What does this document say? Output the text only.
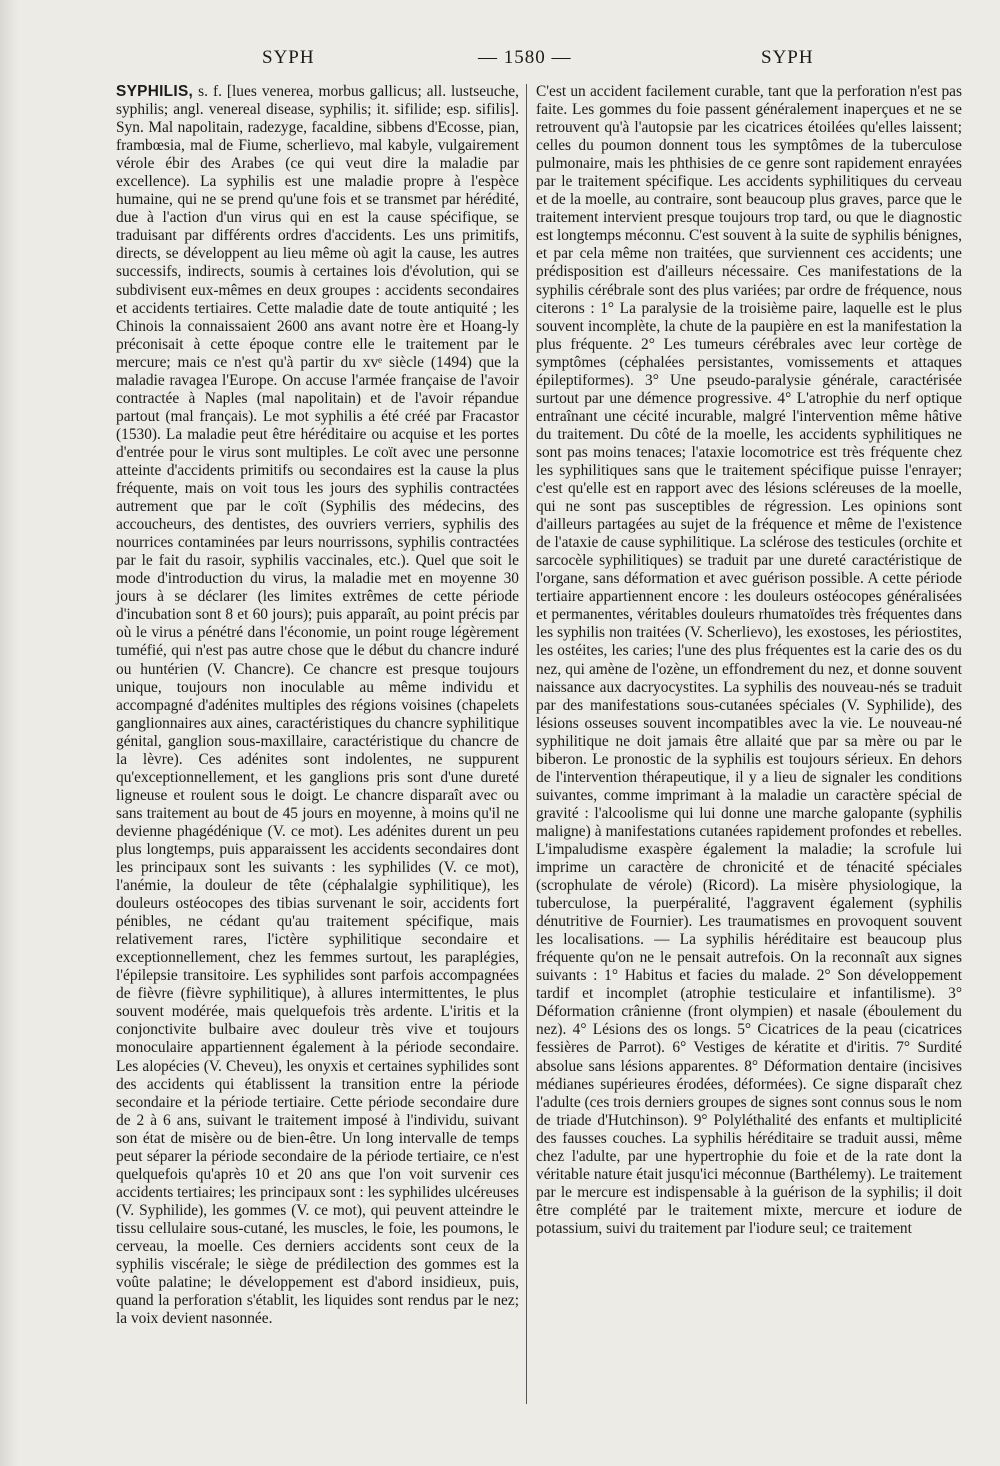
SYPH	— 1580 —	SYPH
SYPHILIS, s. f. [lues venerea, morbus gallicus; all. lustseuche, syphilis; angl. venereal disease, syphilis; it. sifilide; esp. sifilis]. Syn. Mal napolitain, radezyge, facaldine, sibbens d'Ecosse, pian, frambœsia, mal de Fiume, scherlievo, mal kabyle, vulgairement vérole ébir des Arabes (ce qui veut dire la maladie par excellence). La syphilis est une maladie propre à l'espèce humaine, qui ne se prend qu'une fois et se transmet par hérédité, due à l'action d'un virus qui en est la cause spécifique, se traduisant par différents ordres d'accidents. Les uns primitifs, directs, se développent au lieu même où agit la cause, les autres successifs, indirects, soumis à certaines lois d'évolution, qui se subdivisent eux-mêmes en deux groupes : accidents secondaires et accidents tertiaires. Cette maladie date de toute antiquité ; les Chinois la connaissaient 2600 ans avant notre ère et Hoang-ly préconisait à cette époque contre elle le traitement par le mercure; mais ce n'est qu'à partir du xvᵉ siècle (1494) que la maladie ravagea l'Europe. On accuse l'armée française de l'avoir contractée à Naples (mal napolitain) et de l'avoir répandue partout (mal français). Le mot syphilis a été créé par Fracastor (1530). La maladie peut être héréditaire ou acquise et les portes d'entrée pour le virus sont multiples. Le coït avec une personne atteinte d'accidents primitifs ou secondaires est la cause la plus fréquente, mais on voit tous les jours des syphilis contractées autrement que par le coït (Syphilis des médecins, des accoucheurs, des dentistes, des ouvriers verriers, syphilis des nourrices contaminées par leurs nourrissons, syphilis contractées par le fait du rasoir, syphilis vaccinales, etc.). Quel que soit le mode d'introduction du virus, la maladie met en moyenne 30 jours à se déclarer (les limites extrêmes de cette période d'incubation sont 8 et 60 jours); puis apparaît, au point précis par où le virus a pénétré dans l'économie, un point rouge légèrement tuméfié, qui n'est pas autre chose que le début du chancre induré ou huntérien (V. Chancre). Ce chancre est presque toujours unique, toujours non inoculable au même individu et accompagné d'adénites multiples des régions voisines (chapelets ganglionnaires aux aines, caractéristiques du chancre syphilitique génital, ganglion sous-maxillaire, caractéristique du chancre de la lèvre). Ces adénites sont indolentes, ne suppurent qu'exceptionnellement, et les ganglions pris sont d'une dureté ligneuse et roulent sous le doigt. Le chancre disparaît avec ou sans traitement au bout de 45 jours en moyenne, à moins qu'il ne devienne phagédénique (V. ce mot). Les adénites durent un peu plus longtemps, puis apparaissent les accidents secondaires dont les principaux sont les suivants : les syphilides (V. ce mot), l'anémie, la douleur de tête (céphalalgie syphilitique), les douleurs ostéocopes des tibias survenant le soir, accidents fort pénibles, ne cédant qu'au traitement spécifique, mais relativement rares, l'ictère syphilitique secondaire et exceptionnellement, chez les femmes surtout, les paraplégies, l'épilepsie transitoire. Les syphilides sont parfois accompagnées de fièvre (fièvre syphilitique), à allures intermittentes, le plus souvent modérée, mais quelquefois très ardente. L'iritis et la conjonctivite bulbaire avec douleur très vive et toujours monoculaire appartiennent également à la période secondaire. Les alopécies (V. Cheveu), les onyxis et certaines syphilides sont des accidents qui établissent la transition entre la période secondaire et la période tertiaire. Cette période secondaire dure de 2 à 6 ans, suivant le traitement imposé à l'individu, suivant son état de misère ou de bien-être. Un long intervalle de temps peut séparer la période secondaire de la période tertiaire, ce n'est quelquefois qu'après 10 et 20 ans que l'on voit survenir ces accidents tertiaires; les principaux sont : les syphilides ulcéreuses (V. Syphilide), les gommes (V. ce mot), qui peuvent atteindre le tissu cellulaire sous-cutané, les muscles, le foie, les poumons, le cerveau, la moelle. Ces derniers accidents sont ceux de la syphilis viscérale; le siège de prédilection des gommes est la voûte palatine; le développement est d'abord insidieux, puis, quand la perforation s'établit, les liquides sont rendus par le nez; la voix devient nasonnée.
C'est un accident facilement curable, tant que la perforation n'est pas faite. Les gommes du foie passent généralement inaperçues et ne se retrouvent qu'à l'autopsie par les cicatrices étoilées qu'elles laissent; celles du poumon donnent tous les symptômes de la tuberculose pulmonaire, mais les phthisies de ce genre sont rapidement enrayées par le traitement spécifique. Les accidents syphilitiques du cerveau et de la moelle, au contraire, sont beaucoup plus graves, parce que le traitement intervient presque toujours trop tard, ou que le diagnostic est longtemps méconnu. C'est souvent à la suite de syphilis bénignes, et par cela même non traitées, que surviennent ces accidents; une prédisposition est d'ailleurs nécessaire. Ces manifestations de la syphilis cérébrale sont des plus variées; par ordre de fréquence, nous citerons : 1° La paralysie de la troisième paire, laquelle est le plus souvent incomplète, la chute de la paupière en est la manifestation la plus fréquente. 2° Les tumeurs cérébrales avec leur cortège de symptômes (céphalées persistantes, vomissements et attaques épileptiformes). 3° Une pseudo-paralysie générale, caractérisée surtout par une démence progressive. 4° L'atrophie du nerf optique entraînant une cécité incurable, malgré l'intervention même hâtive du traitement. Du côté de la moelle, les accidents syphilitiques ne sont pas moins tenaces; l'ataxie locomotrice est très fréquente chez les syphilitiques sans que le traitement spécifique puisse l'enrayer; c'est qu'elle est en rapport avec des lésions scléreuses de la moelle, qui ne sont pas susceptibles de régression. Les opinions sont d'ailleurs partagées au sujet de la fréquence et même de l'existence de l'ataxie de cause syphilitique. La sclérose des testicules (orchite et sarcocèle syphilitiques) se traduit par une dureté caractéristique de l'organe, sans déformation et avec guérison possible. A cette période tertiaire appartiennent encore : les douleurs ostéocopes généralisées et permanentes, véritables douleurs rhumatoïdes très fréquentes dans les syphilis non traitées (V. Scherlievo), les exostoses, les périostites, les ostéites, les caries; l'une des plus fréquentes est la carie des os du nez, qui amène de l'ozène, un effondrement du nez, et donne souvent naissance aux dacryocystites. La syphilis des nouveau-nés se traduit par des manifestations sous-cutanées spéciales (V. Syphilide), des lésions osseuses souvent incompatibles avec la vie. Le nouveau-né syphilitique ne doit jamais être allaité que par sa mère ou par le biberon. Le pronostic de la syphilis est toujours sérieux. En dehors de l'intervention thérapeutique, il y a lieu de signaler les conditions suivantes, comme imprimant à la maladie un caractère spécial de gravité : l'alcoolisme qui lui donne une marche galopante (syphilis maligne) à manifestations cutanées rapidement profondes et rebelles. L'impaludisme exaspère également la maladie; la scrofule lui imprime un caractère de chronicité et de ténacité spéciales (scrophulate de vérole) (Ricord). La misère physiologique, la tuberculose, la puerpéralité, l'aggravent également (syphilis dénutritive de Fournier). Les traumatismes en provoquent souvent les localisations. — La syphilis héréditaire est beaucoup plus fréquente qu'on ne le pensait autrefois. On la reconnaît aux signes suivants : 1° Habitus et facies du malade. 2° Son développement tardif et incomplet (atrophie testiculaire et infantilisme). 3° Déformation crânienne (front olympien) et nasale (éboulement du nez). 4° Lésions des os longs. 5° Cicatrices de la peau (cicatrices fessières de Parrot). 6° Vestiges de kératite et d'iritis. 7° Surdité absolue sans lésions apparentes. 8° Déformation dentaire (incisives médianes supérieures érodées, déformées). Ce signe disparaît chez l'adulte (ces trois derniers groupes de signes sont connus sous le nom de triade d'Hutchinson). 9° Polyléthalité des enfants et multiplicité des fausses couches. La syphilis héréditaire se traduit aussi, même chez l'adulte, par une hypertrophie du foie et de la rate dont la véritable nature était jusqu'ici méconnue (Barthélemy). Le traitement par le mercure est indispensable à la guérison de la syphilis; il doit être complété par le traitement mixte, mercure et iodure de potassium, suivi du traitement par l'iodure seul; ce traitement
